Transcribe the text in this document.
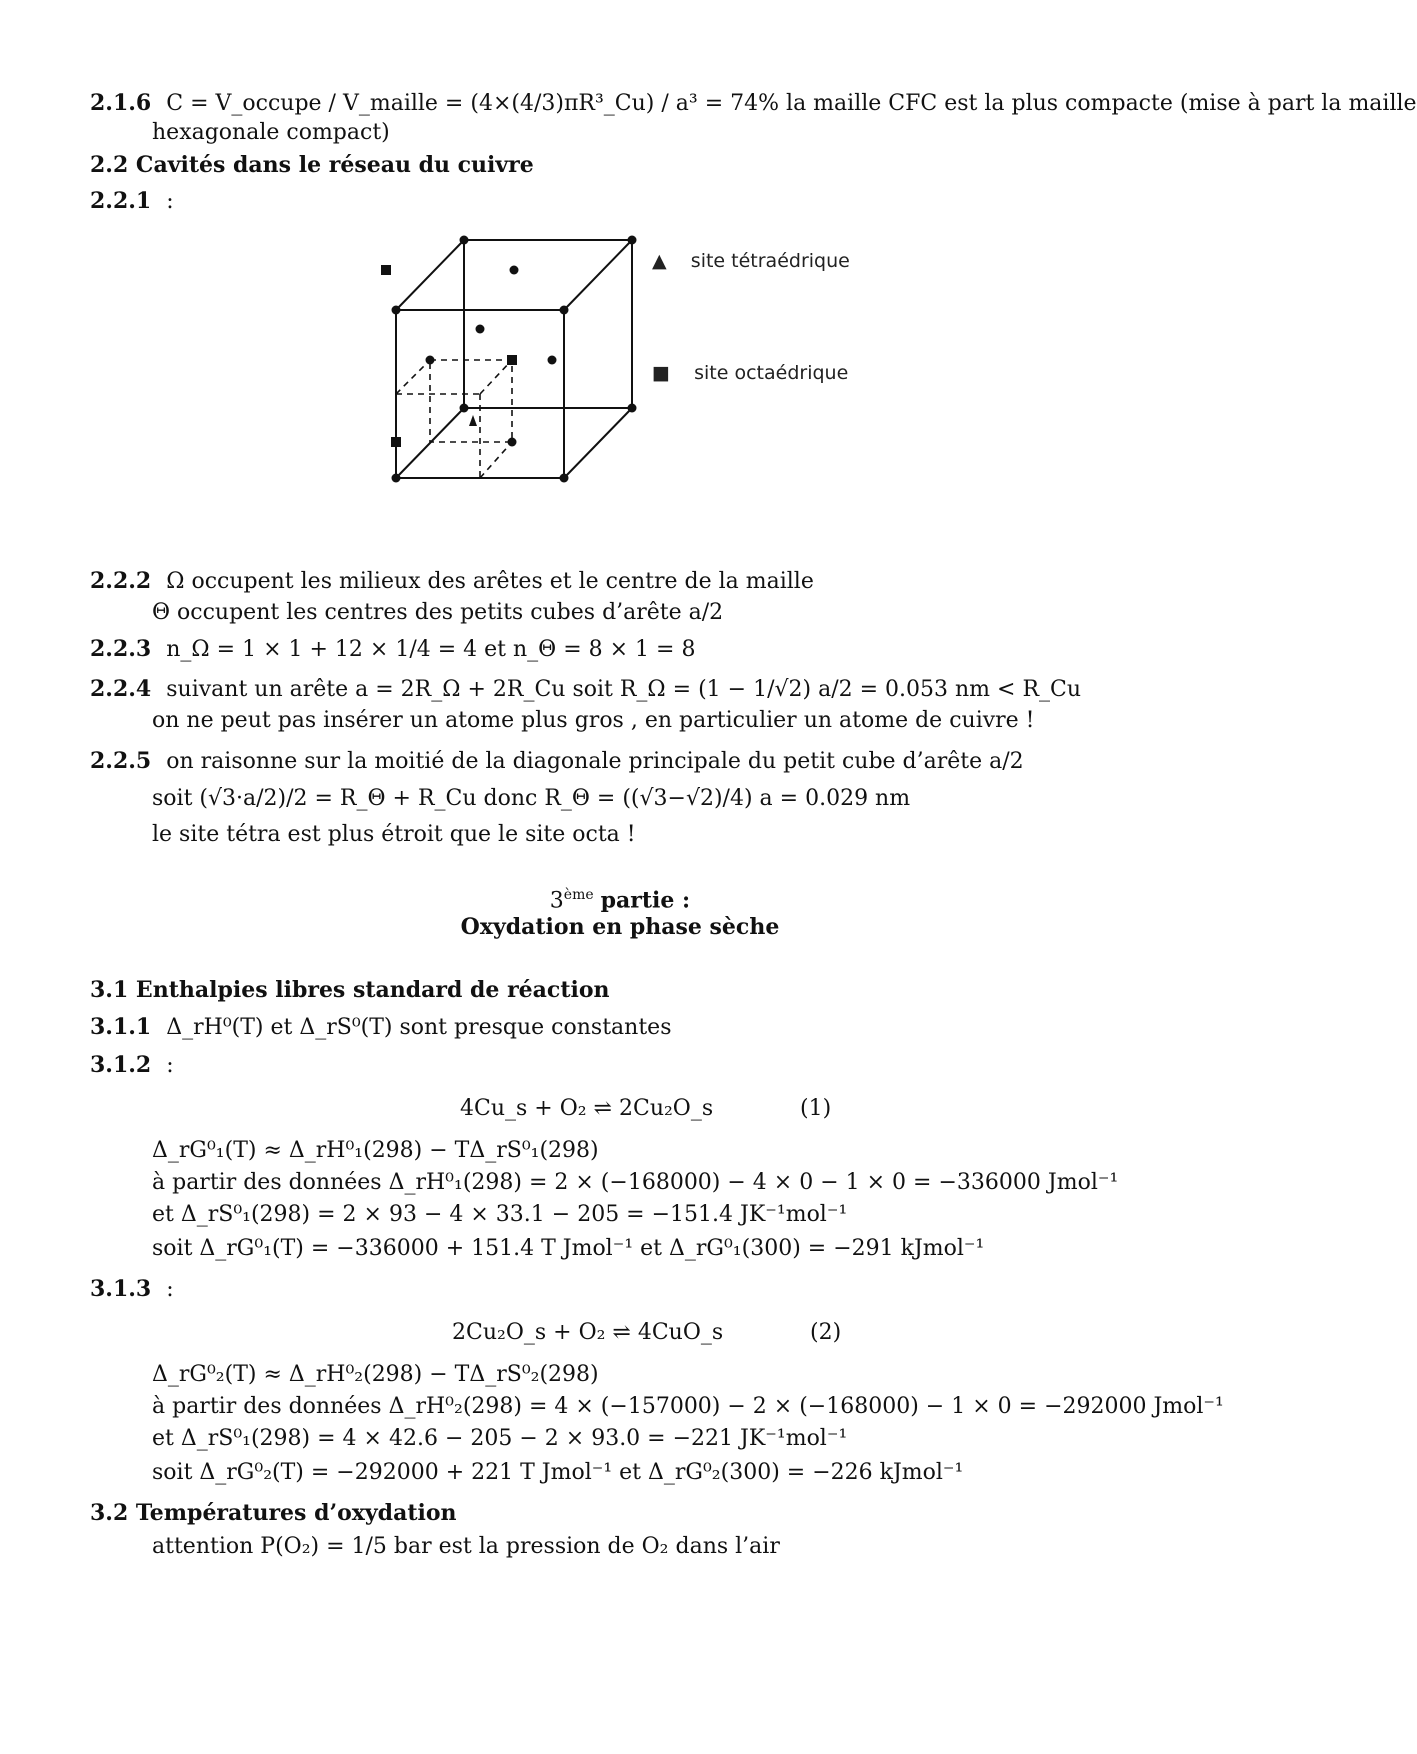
2.1.6 C = V_occupe / V_maille = (4×(4/3)πR³_Cu) / a³ = 74% la maille CFC est la plus compacte (mise à part la maille
hexagonale compact)
2.2 Cavités dans le réseau du cuivre
2.2.1 :
▲ site tétraédrique
■ site octaédrique
2.2.2 Ω occupent les milieux des arêtes et le centre de la maille
Θ occupent les centres des petits cubes d’arête a/2
2.2.3 n_Ω = 1 × 1 + 12 × 1/4 = 4 et n_Θ = 8 × 1 = 8
2.2.4 suivant un arête a = 2R_Ω + 2R_Cu soit R_Ω = (1 − 1/√2) a/2 = 0.053 nm < R_Cu
on ne peut pas insérer un atome plus gros , en particulier un atome de cuivre !
2.2.5 on raisonne sur la moitié de la diagonale principale du petit cube d’arête a/2
soit (√3·a/2)/2 = R_Θ + R_Cu donc R_Θ = ((√3−√2)/4) a = 0.029 nm
le site tétra est plus étroit que le site octa !
3ème partie :
Oxydation en phase sèche
3.1 Enthalpies libres standard de réaction
3.1.1 Δ_rH⁰(T) et Δ_rS⁰(T) sont presque constantes
3.1.2 :
4Cu_s + O₂ ⇌ 2Cu₂O_s	(1)
Δ_rG⁰₁(T) ≈ Δ_rH⁰₁(298) − TΔ_rS⁰₁(298)
à partir des données Δ_rH⁰₁(298) = 2 × (−168000) − 4 × 0 − 1 × 0 = −336000 Jmol⁻¹
et Δ_rS⁰₁(298) = 2 × 93 − 4 × 33.1 − 205 = −151.4 JK⁻¹mol⁻¹
soit Δ_rG⁰₁(T) = −336000 + 151.4 T Jmol⁻¹ et Δ_rG⁰₁(300) = −291 kJmol⁻¹
3.1.3 :
2Cu₂O_s + O₂ ⇌ 4CuO_s	(2)
Δ_rG⁰₂(T) ≈ Δ_rH⁰₂(298) − TΔ_rS⁰₂(298)
à partir des données Δ_rH⁰₂(298) = 4 × (−157000) − 2 × (−168000) − 1 × 0 = −292000 Jmol⁻¹
et Δ_rS⁰₁(298) = 4 × 42.6 − 205 − 2 × 93.0 = −221 JK⁻¹mol⁻¹
soit Δ_rG⁰₂(T) = −292000 + 221 T Jmol⁻¹ et Δ_rG⁰₂(300) = −226 kJmol⁻¹
3.2 Températures d’oxydation
attention P(O₂) = 1/5 bar est la pression de O₂ dans l’air
